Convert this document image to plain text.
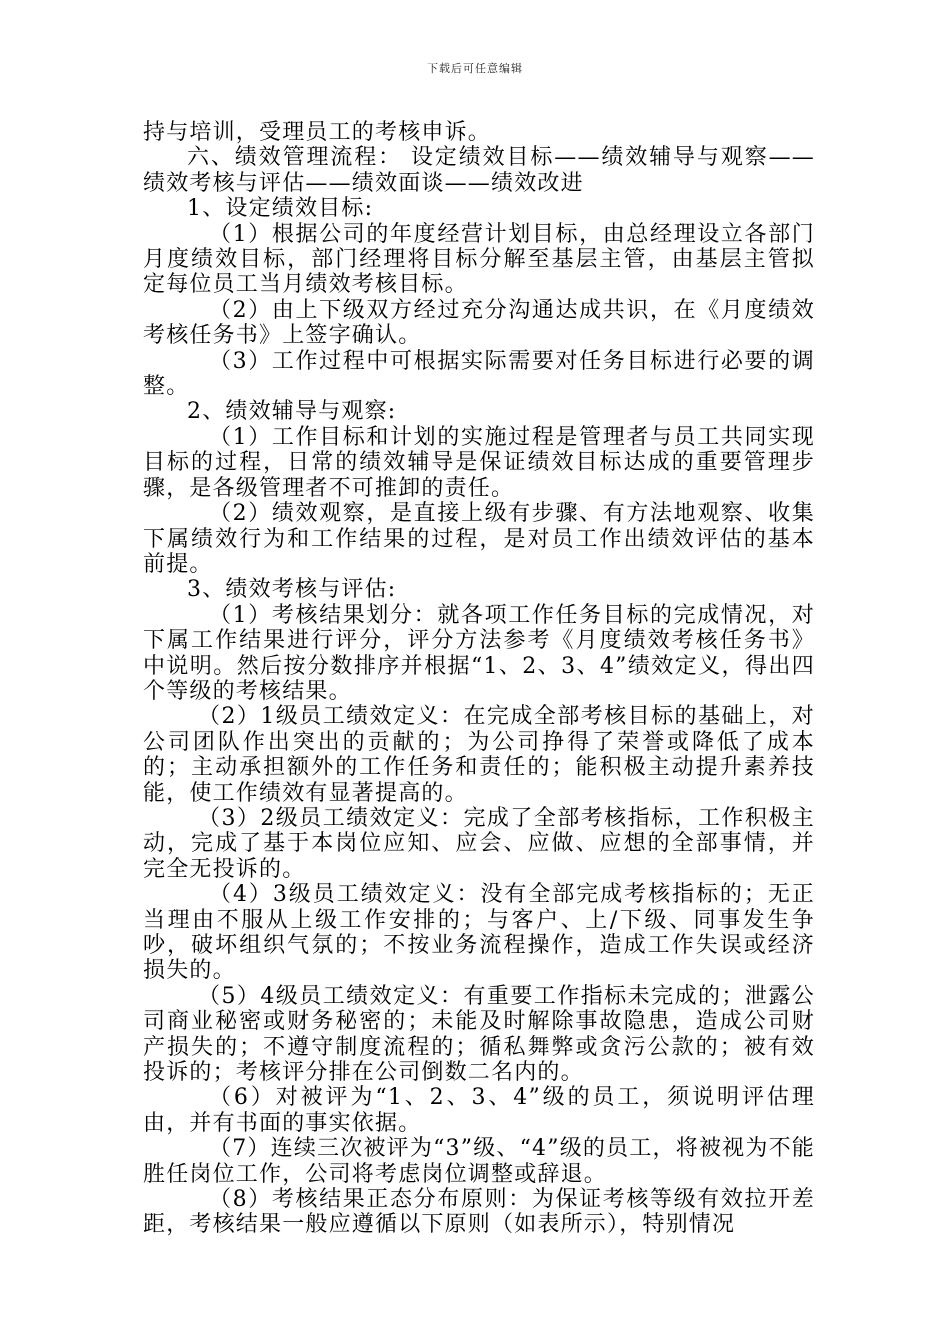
下载后可任意编辑

持与培训，受理员工的考核申诉。

六、绩效管理流程： 设定绩效目标——绩效辅导与观察——绩效考核与评估——绩效面谈——绩效改进

1、设定绩效目标:

（1）根据公司的年度经营计划目标，由总经理设立各部门月度绩效目标，部门经理将目标分解至基层主管，由基层主管拟定每位员工当月绩效考核目标。

（2）由上下级双方经过充分沟通达成共识，在《月度绩效考核任务书》上签字确认。

（3）工作过程中可根据实际需要对任务目标进行必要的调整。

2、绩效辅导与观察:

（1）工作目标和计划的实施过程是管理者与员工共同实现目标的过程，日常的绩效辅导是保证绩效目标达成的重要管理步骤，是各级管理者不可推卸的责任。

（2）绩效观察，是直接上级有步骤、有方法地观察、收集下属绩效行为和工作结果的过程，是对员工作出绩效评估的基本前提。

3、绩效考核与评估:

（1）考核结果划分：就各项工作任务目标的完成情况，对下属工作结果进行评分，评分方法参考《月度绩效考核任务书》中说明。然后按分数排序并根据“1、2、3、4”绩效定义，得出四个等级的考核结果。

（2）1级员工绩效定义：在完成全部考核目标的基础上，对公司团队作出突出的贡献的；为公司挣得了荣誉或降低了成本的；主动承担额外的工作任务和责任的；能积极主动提升素养技能，使工作绩效有显著提高的。

（3）2级员工绩效定义：完成了全部考核指标，工作积极主动，完成了基于本岗位应知、应会、应做、应想的全部事情，并完全无投诉的。

（4）3级员工绩效定义：没有全部完成考核指标的；无正当理由不服从上级工作安排的；与客户、上/下级、同事发生争吵，破坏组织气氛的；不按业务流程操作，造成工作失误或经济损失的。

（5）4级员工绩效定义：有重要工作指标未完成的；泄露公司商业秘密或财务秘密的；未能及时解除事故隐患，造成公司财产损失的；不遵守制度流程的；循私舞弊或贪污公款的；被有效投诉的；考核评分排在公司倒数二名内的。

（6）对被评为“1、2、3、4”级的员工，须说明评估理由，并有书面的事实依据。

（7）连续三次被评为“3”级、“4”级的员工，将被视为不能胜任岗位工作，公司将考虑岗位调整或辞退。

（8）考核结果正态分布原则：为保证考核等级有效拉开差距，考核结果一般应遵循以下原则（如表所示），特别情况
